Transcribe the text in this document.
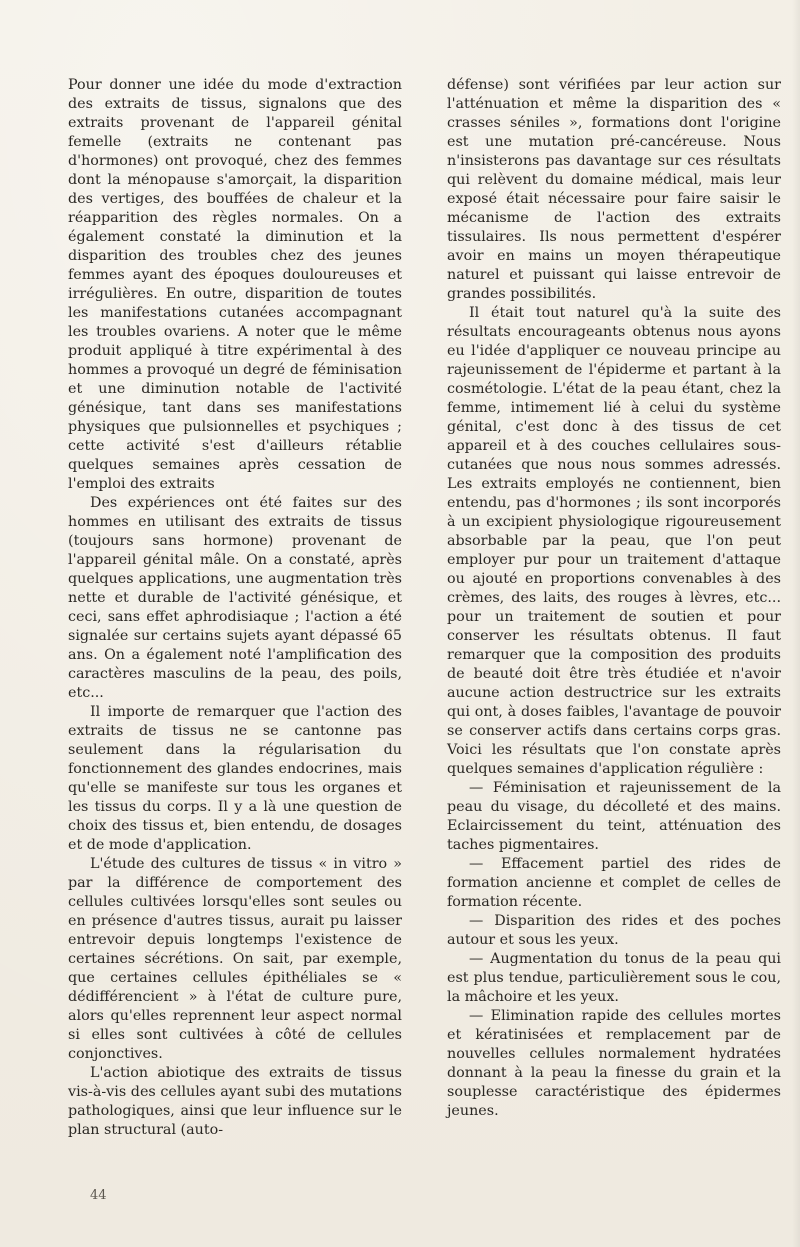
Pour donner une idée du mode d'extraction des extraits de tissus, signalons que des extraits provenant de l'appareil génital femelle (extraits ne contenant pas d'hormones) ont provoqué, chez des femmes dont la ménopause s'amorçait, la disparition des vertiges, des bouffées de chaleur et la réapparition des règles normales. On a également constaté la diminution et la disparition des troubles chez des jeunes femmes ayant des époques douloureuses et irrégulières. En outre, disparition de toutes les manifestations cutanées accompagnant les troubles ovariens. A noter que le même produit appliqué à titre expérimental à des hommes a provoqué un degré de féminisation et une diminution notable de l'activité génésique, tant dans ses manifestations physiques que pulsionnelles et psychiques ; cette activité s'est d'ailleurs rétablie quelques semaines après cessation de l'emploi des extraits

Des expériences ont été faites sur des hommes en utilisant des extraits de tissus (toujours sans hormone) provenant de l'appareil génital mâle. On a constaté, après quelques applications, une augmentation très nette et durable de l'activité génésique, et ceci, sans effet aphrodisiaque ; l'action a été signalée sur certains sujets ayant dépassé 65 ans. On a également noté l'amplification des caractères masculins de la peau, des poils, etc...

Il importe de remarquer que l'action des extraits de tissus ne se cantonne pas seulement dans la régularisation du fonctionnement des glandes endocrines, mais qu'elle se manifeste sur tous les organes et les tissus du corps. Il y a là une question de choix des tissus et, bien entendu, de dosages et de mode d'application.

L'étude des cultures de tissus « in vitro » par la différence de comportement des cellules cultivées lorsqu'elles sont seules ou en présence d'autres tissus, aurait pu laisser entrevoir depuis longtemps l'existence de certaines sécrétions. On sait, par exemple, que certaines cellules épithéliales se « dédifférencient » à l'état de culture pure, alors qu'elles reprennent leur aspect normal si elles sont cultivées à côté de cellules conjonctives.

L'action abiotique des extraits de tissus vis-à-vis des cellules ayant subi des mutations pathologiques, ainsi que leur influence sur le plan structural (auto-

défense) sont vérifiées par leur action sur l'atténuation et même la disparition des « crasses séniles », formations dont l'origine est une mutation pré-cancéreuse. Nous n'insisterons pas davantage sur ces résultats qui relèvent du domaine médical, mais leur exposé était nécessaire pour faire saisir le mécanisme de l'action des extraits tissulaires. Ils nous permettent d'espérer avoir en mains un moyen thérapeutique naturel et puissant qui laisse entrevoir de grandes possibilités.

Il était tout naturel qu'à la suite des résultats encourageants obtenus nous ayons eu l'idée d'appliquer ce nouveau principe au rajeunissement de l'épiderme et partant à la cosmétologie. L'état de la peau étant, chez la femme, intimement lié à celui du système génital, c'est donc à des tissus de cet appareil et à des couches cellulaires sous-cutanées que nous nous sommes adressés. Les extraits employés ne contiennent, bien entendu, pas d'hormones ; ils sont incorporés à un excipient physiologique rigoureusement absorbable par la peau, que l'on peut employer pur pour un traitement d'attaque ou ajouté en proportions convenables à des crèmes, des laits, des rouges à lèvres, etc... pour un traitement de soutien et pour conserver les résultats obtenus. Il faut remarquer que la composition des produits de beauté doit être très étudiée et n'avoir aucune action destructrice sur les extraits qui ont, à doses faibles, l'avantage de pouvoir se conserver actifs dans certains corps gras. Voici les résultats que l'on constate après quelques semaines d'application régulière :

— Féminisation et rajeunissement de la peau du visage, du décolleté et des mains. Eclaircissement du teint, atténuation des taches pigmentaires.

— Effacement partiel des rides de formation ancienne et complet de celles de formation récente.

— Disparition des rides et des poches autour et sous les yeux.

— Augmentation du tonus de la peau qui est plus tendue, particulièrement sous le cou, la mâchoire et les yeux.

— Elimination rapide des cellules mortes et kératinisées et remplacement par de nouvelles cellules normalement hydratées donnant à la peau la finesse du grain et la souplesse caractéristique des épidermes jeunes.

44
